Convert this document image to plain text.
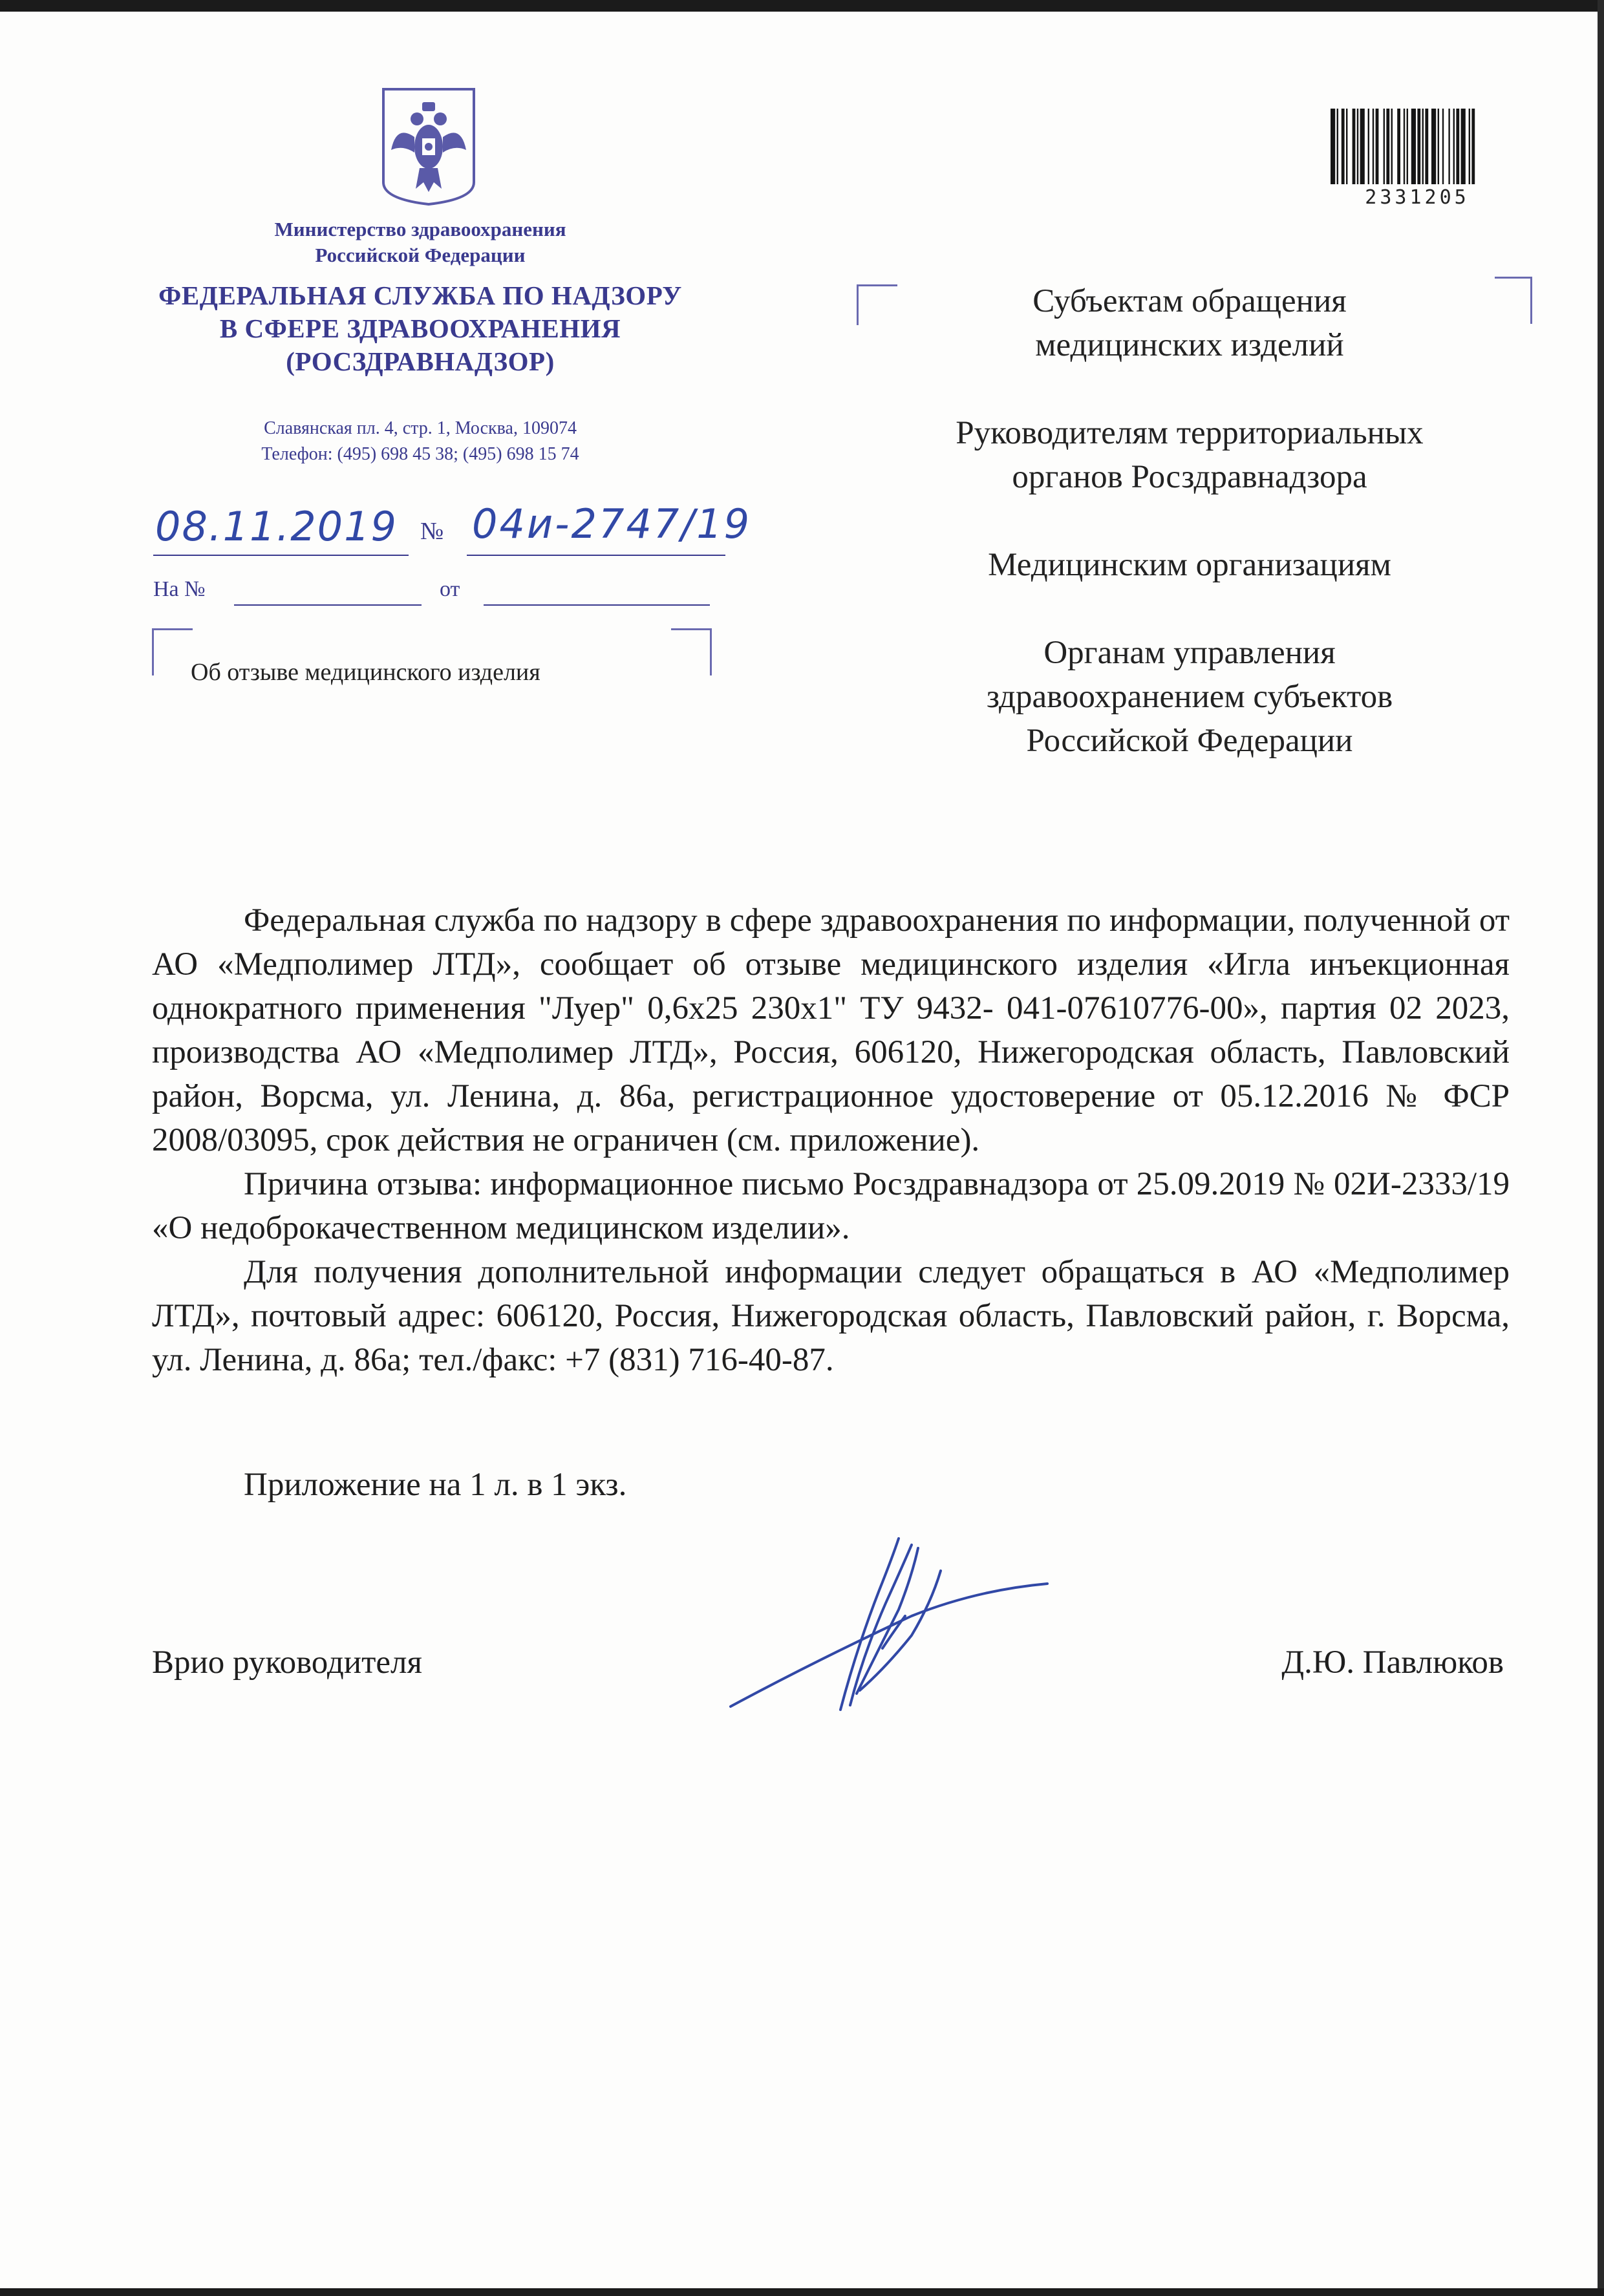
Министерство здравоохранения
Российской Федерации
ФЕДЕРАЛЬНАЯ СЛУЖБА ПО НАДЗОРУ
В СФЕРЕ ЗДРАВООХРАНЕНИЯ
(РОСЗДРАВНАДЗОР)
Славянская пл. 4, стр. 1, Москва, 109074
Телефон: (495) 698 45 38; (495) 698 15 74
08.11.2019 № 04и-2747/19
На №	от
Об отзыве медицинского изделия
2331205
Субъектам обращения
медицинских изделий
Руководителям территориальных
органов Росздравнадзора
Медицинским организациям
Органам управления
здравоохранением субъектов
Российской Федерации

Федеральная служба по надзору в сфере здравоохранения по информации, полученной от АО «Медполимер ЛТД», сообщает об отзыве медицинского изделия «Игла инъекционная однократного применения "Луер" 0,6х25 230х1" ТУ 9432- 041-07610776-00», партия 02 2023, производства АО «Медполимер ЛТД», Россия, 606120, Нижегородская область, Павловский район, Ворсма, ул. Ленина, д. 86а, регистрационное удостоверение от 05.12.2016 № ФСР 2008/03095, срок действия не ограничен (см. приложение).

Причина отзыва: информационное письмо Росздравнадзора от 25.09.2019 № 02И-2333/19 «О недоброкачественном медицинском изделии».

Для получения дополнительной информации следует обращаться в АО «Медполимер ЛТД», почтовый адрес: 606120, Россия, Нижегородская область, Павловский район, г. Ворсма, ул. Ленина, д. 86а; тел./факс: +7 (831) 716-40-87.

Приложение на 1 л. в 1 экз.
Врио руководителя	Д.Ю. Павлюков
